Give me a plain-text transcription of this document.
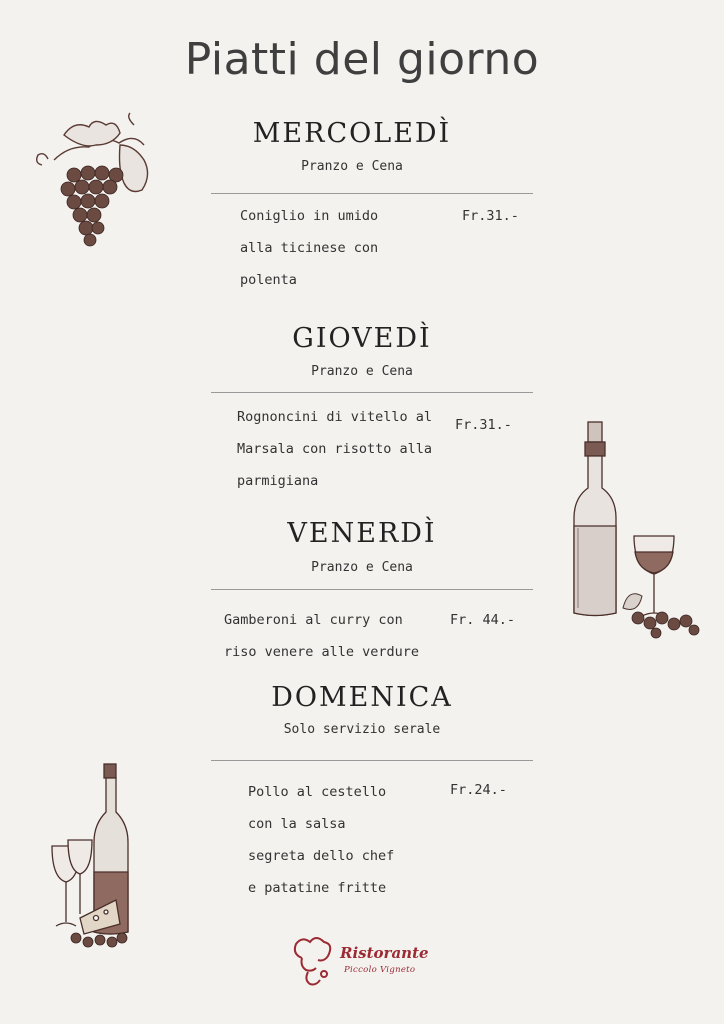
Piatti del giorno
MERCOLEDÌ
Pranzo e Cena
Coniglio in umido
alla ticinese con
polenta
Fr.31.-
GIOVEDÌ
Pranzo e Cena
Rognoncini di vitello al
Marsala con risotto alla
parmigiana
Fr.31.-
VENERDÌ
Pranzo e Cena
Gamberoni al curry con
riso venere alle verdure
Fr. 44.-
DOMENICA
Solo servizio serale
Pollo al cestello
con la salsa
segreta dello chef
e patatine fritte
Fr.24.-
Ristorante
Piccolo Vigneto
